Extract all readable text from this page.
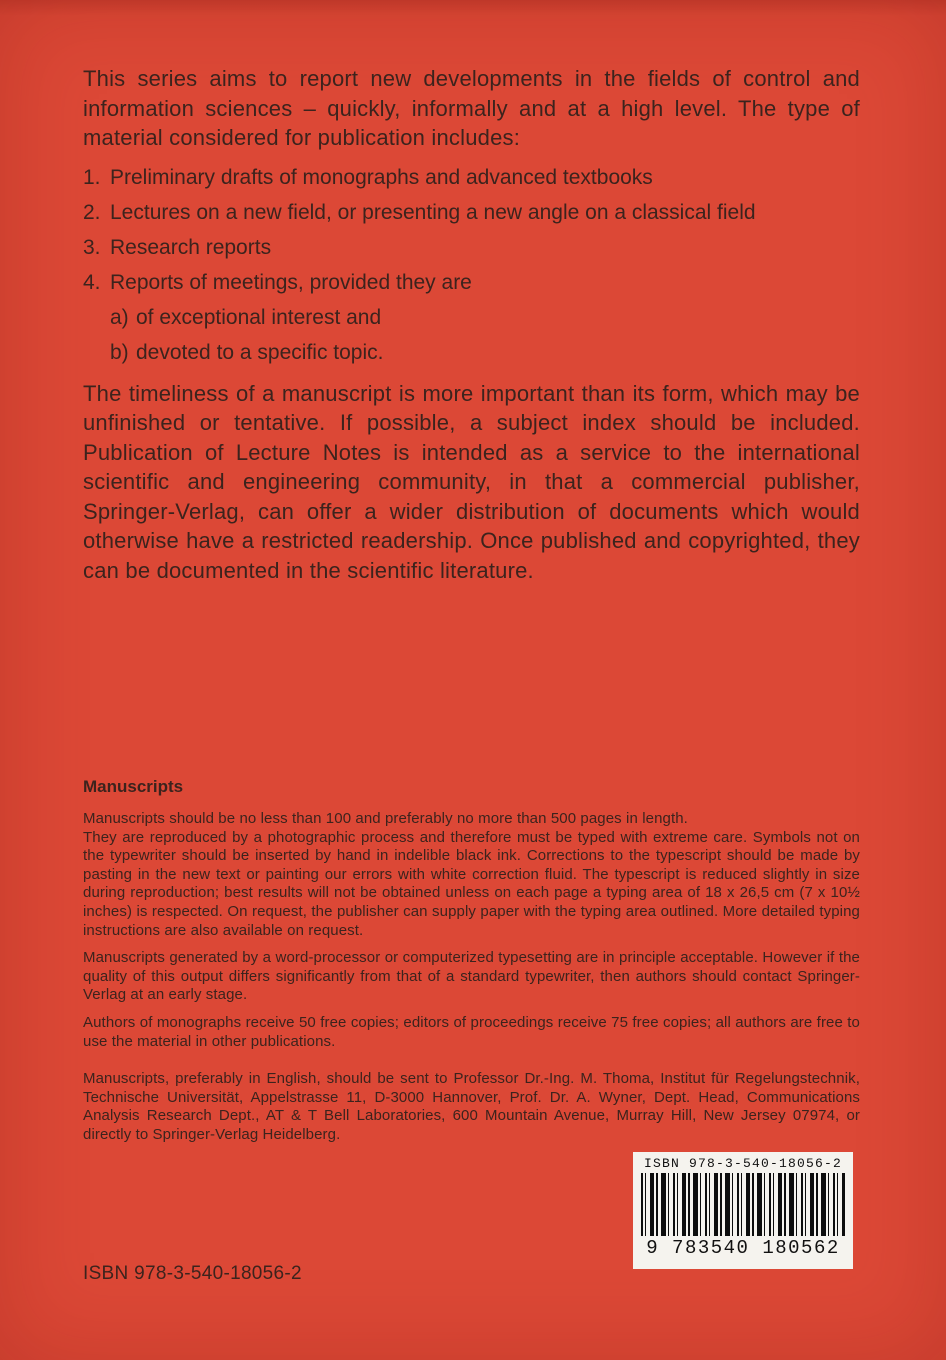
This series aims to report new developments in the fields of control and information sciences – quickly, informally and at a high level. The type of material considered for publication includes:

1. Preliminary drafts of monographs and advanced textbooks
2. Lectures on a new field, or presenting a new angle on a classical field
3. Research reports
4. Reports of meetings, provided they are
a) of exceptional interest and
b) devoted to a specific topic.

The timeliness of a manuscript is more important than its form, which may be unfinished or tentative. If possible, a subject index should be included. Publication of Lecture Notes is intended as a service to the international scientific and engineering community, in that a commercial publisher, Springer-Verlag, can offer a wider distribution of documents which would otherwise have a restricted readership. Once published and copyrighted, they can be documented in the scientific literature.

Manuscripts

Manuscripts should be no less than 100 and preferably no more than 500 pages in length.

They are reproduced by a photographic process and therefore must be typed with extreme care. Symbols not on the typewriter should be inserted by hand in indelible black ink. Corrections to the typescript should be made by pasting in the new text or painting our errors with white correction fluid. The typescript is reduced slightly in size during reproduction; best results will not be obtained unless on each page a typing area of 18 x 26,5 cm (7 x 10½ inches) is respected. On request, the publisher can supply paper with the typing area outlined. More detailed typing instructions are also available on request.

Manuscripts generated by a word-processor or computerized typesetting are in principle acceptable. However if the quality of this output differs significantly from that of a standard typewriter, then authors should contact Springer-Verlag at an early stage.

Authors of monographs receive 50 free copies; editors of proceedings receive 75 free copies; all authors are free to use the material in other publications.

Manuscripts, preferably in English, should be sent to Professor Dr.-Ing. M. Thoma, Institut für Regelungstechnik, Technische Universität, Appelstrasse 11, D-3000 Hannover, Prof. Dr. A. Wyner, Dept. Head, Communications Analysis Research Dept., AT & T Bell Laboratories, 600 Mountain Avenue, Murray Hill, New Jersey 07974, or directly to Springer-Verlag Heidelberg.

ISBN 978-3-540-18056-2
9 783540 180562
ISBN 978-3-540-18056-2
